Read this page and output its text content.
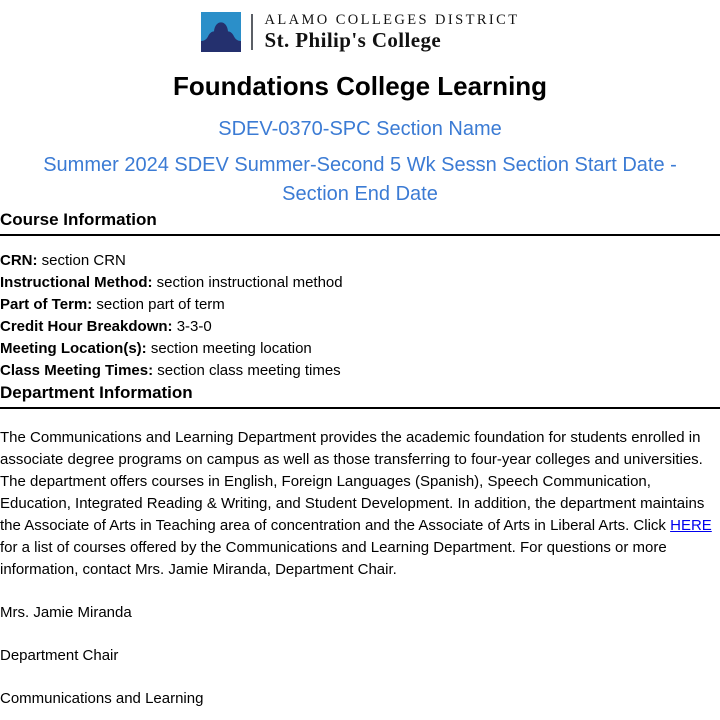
ALAMO COLLEGES DISTRICT
St. Philip's College
Foundations College Learning
SDEV-0370-SPC Section Name
Summer 2024 SDEV Summer-Second 5 Wk Sessn Section Start Date - Section End Date
Course Information
CRN: section CRN
Instructional Method: section instructional method
Part of Term: section part of term
Credit Hour Breakdown: 3-3-0
Meeting Location(s): section meeting location
Class Meeting Times: section class meeting times
Department Information

The Communications and Learning Department provides the academic foundation for students enrolled in associate degree programs on campus as well as those transferring to four-year colleges and universities. The department offers courses in English, Foreign Languages (Spanish), Speech Communication, Education, Integrated Reading & Writing, and Student Development. In addition, the department maintains the Associate of Arts in Teaching area of concentration and the Associate of Arts in Liberal Arts. Click HERE for a list of courses offered by the Communications and Learning Department. For questions or more information, contact Mrs. Jamie Miranda, Department Chair.

Mrs. Jamie Miranda

Department Chair

Communications and Learning
